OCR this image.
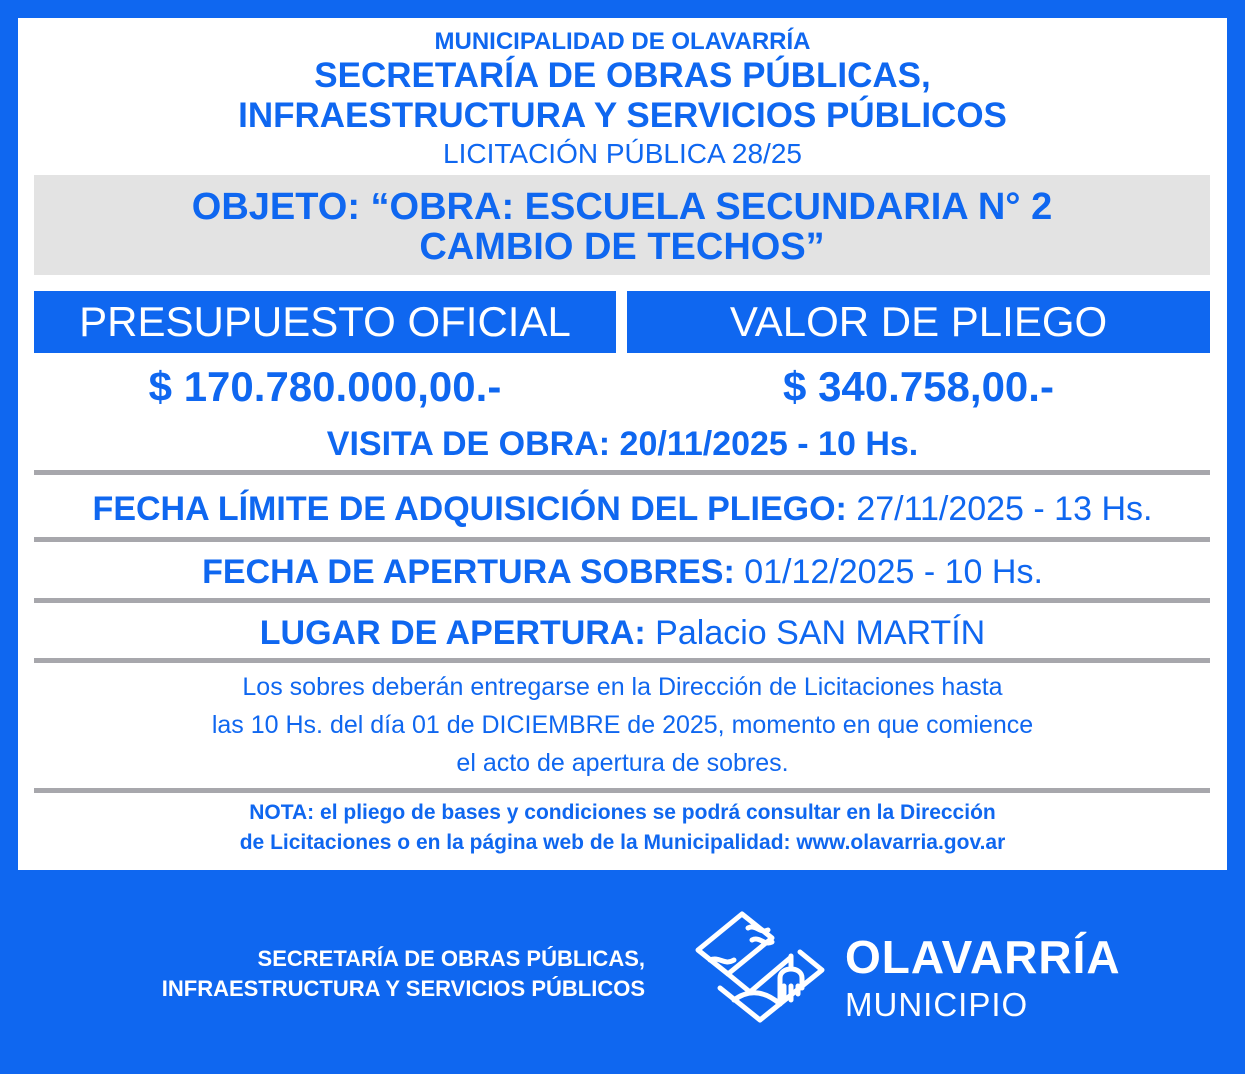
MUNICIPALIDAD DE OLAVARRÍA
SECRETARÍA DE OBRAS PÚBLICAS,
INFRAESTRUCTURA Y SERVICIOS PÚBLICOS
LICITACIÓN PÚBLICA 28/25
OBJETO: “OBRA: ESCUELA SECUNDARIA N° 2
CAMBIO DE TECHOS”
PRESUPUESTO OFICIAL	VALOR DE PLIEGO
$ 170.780.000,00.-	$ 340.758,00.-
VISITA DE OBRA: 20/11/2025 - 10 Hs.
FECHA LÍMITE DE ADQUISICIÓN DEL PLIEGO: 27/11/2025 - 13 Hs.
FECHA DE APERTURA SOBRES: 01/12/2025 - 10 Hs.
LUGAR DE APERTURA: Palacio SAN MARTÍN
Los sobres deberán entregarse en la Dirección de Licitaciones hasta
las 10 Hs. del día 01 de DICIEMBRE de 2025, momento en que comience
el acto de apertura de sobres.
NOTA: el pliego de bases y condiciones se podrá consultar en la Dirección
de Licitaciones o en la página web de la Municipalidad: www.olavarria.gov.ar
SECRETARÍA DE OBRAS PÚBLICAS,
INFRAESTRUCTURA Y SERVICIOS PÚBLICOS
OLAVARRÍA
MUNICIPIO
